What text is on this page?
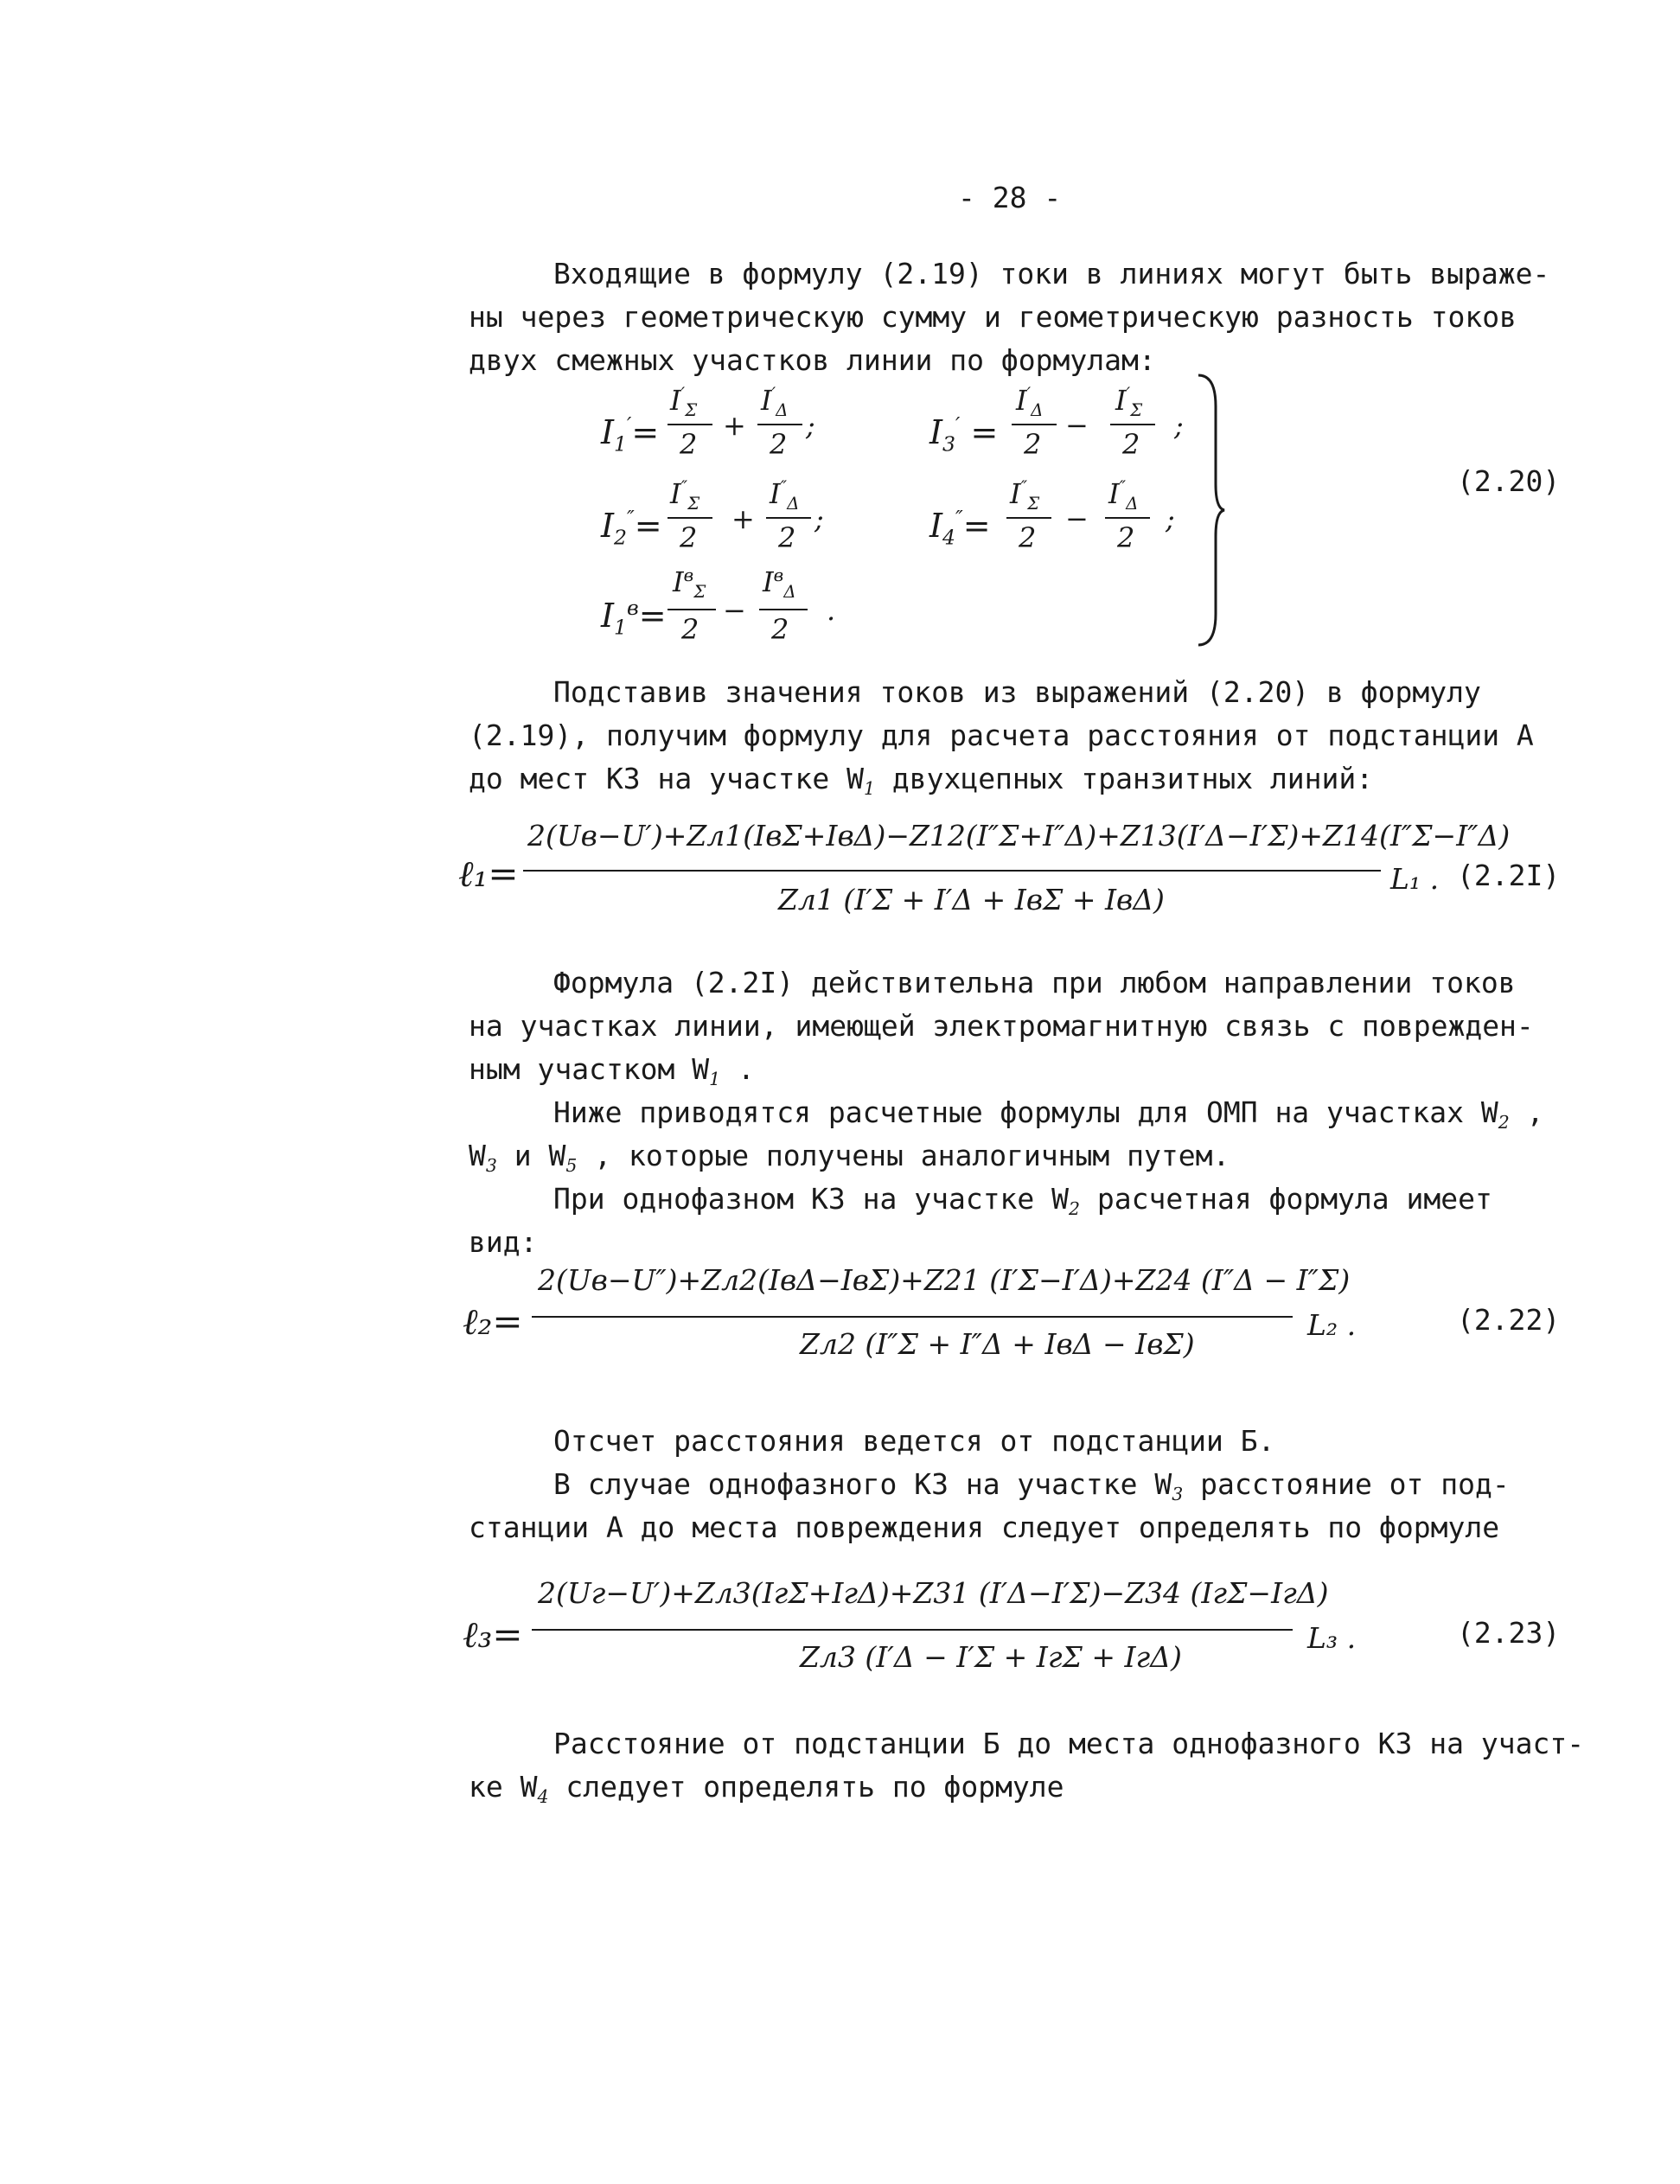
- 28 -
Входящие в формулу (2.19) токи в линиях могут быть выраже-
ны через геометрическую сумму и геометрическую разность токов
двух смежных участков линии по формулам:
$I_1'=$
$I'_\Sigma$
2
+
$I'_\Delta$
2
;	$I_3'$ =
$I'_\Delta$
2
−
$I'_\Sigma$
2
;
$I_2''=$
$I''_\Sigma$
2
+
$I''_\Delta$
2
;	$I_4''=$
$I''_\Sigma$
2
−
$I''_\Delta$
2
;
$I_1^в=$
$I^в_\Sigma$
2
−
$I^в_\Delta$
2
.
(2.20)
Подставив значения токов из выражений (2.20) в формулу
(2.19), получим формулу для расчета расстояния от подстанции А
до мест КЗ на участке $W_1$ двухцепных транзитных линий:
ℓ₁=
2(Uв−U′)+Zл1(IвΣ+IвΔ)−Z12(I″Σ+I″Δ)+Z13(I′Δ−I′Σ)+Z14(I″Σ−I″Δ)
Zл1 (I′Σ + I′Δ + IвΣ + IвΔ)
L₁ . (2.2I)
Формула (2.2I) действительна при любом направлении токов
на участках линии, имеющей электромагнитную связь с поврежден-
ным участком $W_1$ .
Ниже приводятся расчетные формулы для ОМП на участках $W_2$ ,
$W_3$ и $W_5$ , которые получены аналогичным путем.
При однофазном КЗ на участке $W_2$ расчетная формула имеет
вид:
ℓ₂=
2(Uв−U″)+Zл2(IвΔ−IвΣ)+Z21 (I′Σ−I′Δ)+Z24 (I″Δ − I″Σ)
Zл2 (I″Σ + I″Δ + IвΔ − IвΣ)
L₂ .	(2.22)
Отсчет расстояния ведется от подстанции Б.
В случае однофазного КЗ на участке $W_3$ расстояние от под-
станции А до места повреждения следует определять по формуле
ℓ₃=
2(Uг−U′)+Zл3(IгΣ+IгΔ)+Z31 (I′Δ−I′Σ)−Z34 (IгΣ−IгΔ)
Zл3 (I′Δ − I′Σ + IгΣ + IгΔ)
L₃ .	(2.23)
Расстояние от подстанции Б до места однофазного КЗ на участ-
ке $W_4$ следует определять по формуле
